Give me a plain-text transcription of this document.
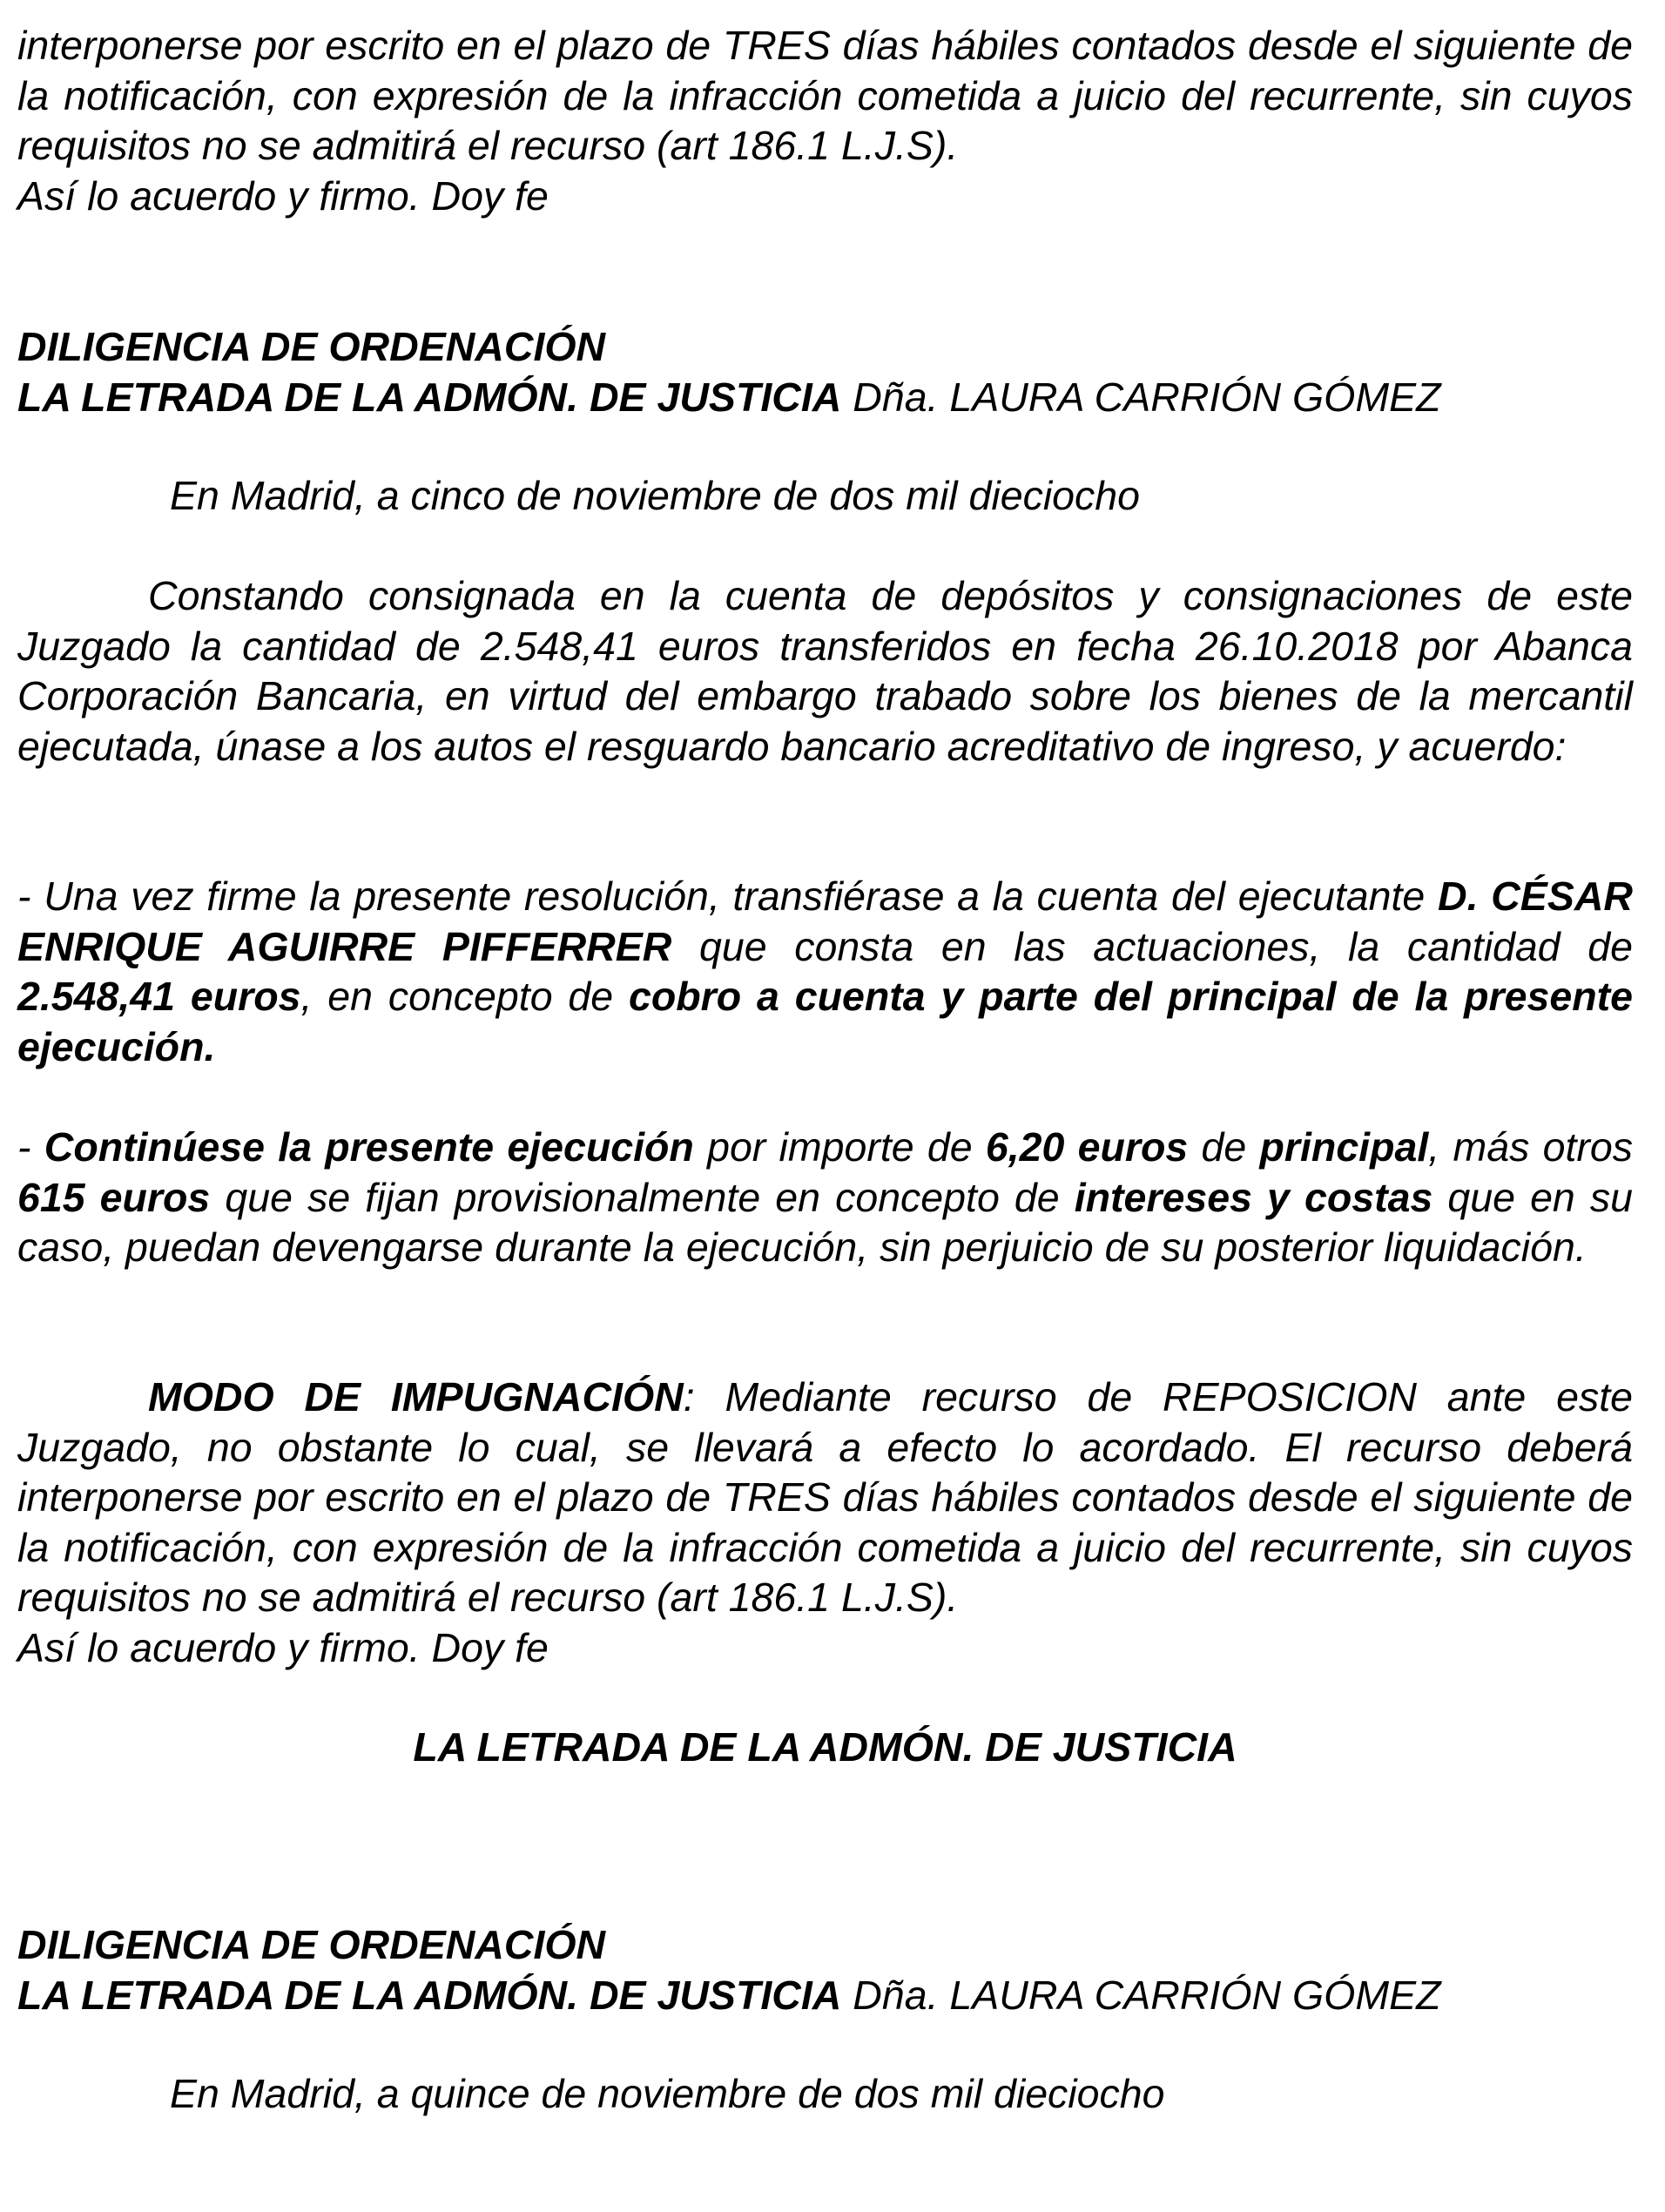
interponerse por escrito en el plazo de TRES días hábiles contados desde el siguiente de la notificación, con expresión de la infracción cometida a juicio del recurrente, sin cuyos requisitos no se admitirá el recurso (art 186.1 L.J.S).

Así lo acuerdo y firmo. Doy fe

DILIGENCIA DE ORDENACIÓN

LA LETRADA DE LA ADMÓN. DE JUSTICIA Dña. LAURA CARRIÓN GÓMEZ

En Madrid, a cinco de noviembre de dos mil dieciocho

Constando consignada en la cuenta de depósitos y consignaciones de este Juzgado la cantidad de 2.548,41 euros transferidos en fecha 26.10.2018 por Abanca Corporación Bancaria, en virtud del embargo trabado sobre los bienes de la mercantil ejecutada, únase a los autos el resguardo bancario acreditativo de ingreso, y acuerdo:

- Una vez firme la presente resolución, transfiérase a la cuenta del ejecutante D. CÉSAR ENRIQUE AGUIRRE PIFFERRER que consta en las actuaciones, la cantidad de 2.548,41 euros, en concepto de cobro a cuenta y parte del principal de la presente ejecución.

- Continúese la presente ejecución por importe de 6,20 euros de principal, más otros 615 euros que se fijan provisionalmente en concepto de intereses y costas que en su caso, puedan devengarse durante la ejecución, sin perjuicio de su posterior liquidación.

MODO DE IMPUGNACIÓN: Mediante recurso de REPOSICION ante este Juzgado, no obstante lo cual, se llevará a efecto lo acordado. El recurso deberá interponerse por escrito en el plazo de TRES días hábiles contados desde el siguiente de la notificación, con expresión de la infracción cometida a juicio del recurrente, sin cuyos requisitos no se admitirá el recurso (art 186.1 L.J.S).

Así lo acuerdo y firmo. Doy fe

LA LETRADA DE LA ADMÓN. DE JUSTICIA

DILIGENCIA DE ORDENACIÓN

LA LETRADA DE LA ADMÓN. DE JUSTICIA Dña. LAURA CARRIÓN GÓMEZ

En Madrid, a quince de noviembre de dos mil dieciocho
